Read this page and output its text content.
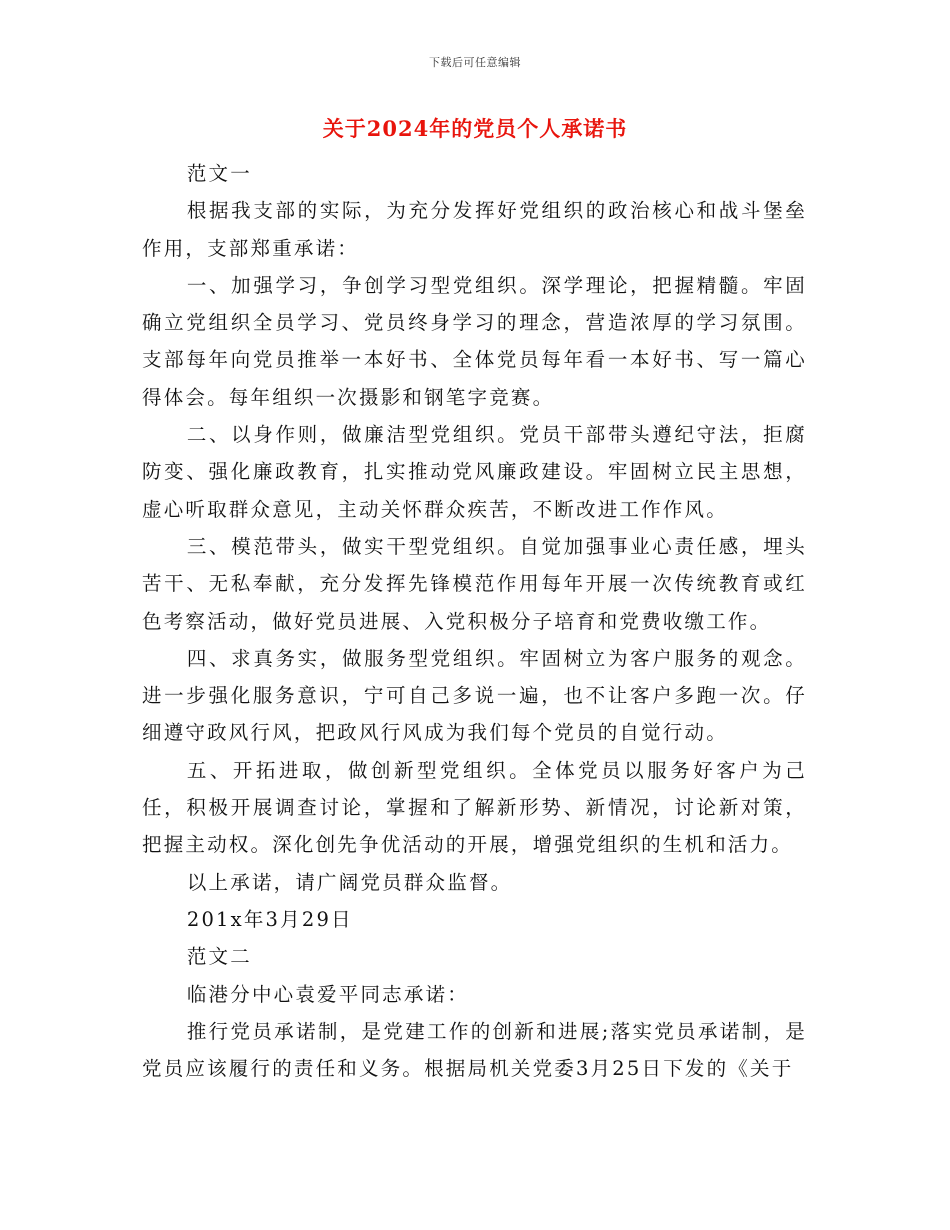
下载后可任意编辑
关于2024年的党员个人承诺书

范文一

根据我支部的实际，为充分发挥好党组织的政治核心和战斗堡垒作用，支部郑重承诺：

一、加强学习，争创学习型党组织。深学理论，把握精髓。牢固确立党组织全员学习、党员终身学习的理念，营造浓厚的学习氛围。支部每年向党员推举一本好书、全体党员每年看一本好书、写一篇心得体会。每年组织一次摄影和钢笔字竞赛。

二、以身作则，做廉洁型党组织。党员干部带头遵纪守法，拒腐防变、强化廉政教育，扎实推动党风廉政建设。牢固树立民主思想，虚心听取群众意见，主动关怀群众疾苦，不断改进工作作风。

三、模范带头，做实干型党组织。自觉加强事业心责任感，埋头苦干、无私奉献，充分发挥先锋模范作用每年开展一次传统教育或红色考察活动，做好党员进展、入党积极分子培育和党费收缴工作。

四、求真务实，做服务型党组织。牢固树立为客户服务的观念。进一步强化服务意识，宁可自己多说一遍，也不让客户多跑一次。仔细遵守政风行风，把政风行风成为我们每个党员的自觉行动。

五、开拓进取，做创新型党组织。全体党员以服务好客户为己任，积极开展调查讨论，掌握和了解新形势、新情况，讨论新对策，把握主动权。深化创先争优活动的开展，增强党组织的生机和活力。

以上承诺，请广阔党员群众监督。

201x年3月29日

范文二

临港分中心袁爱平同志承诺：

推行党员承诺制，是党建工作的创新和进展;落实党员承诺制，是党员应该履行的责任和义务。根据局机关党委3月25日下发的《关于
